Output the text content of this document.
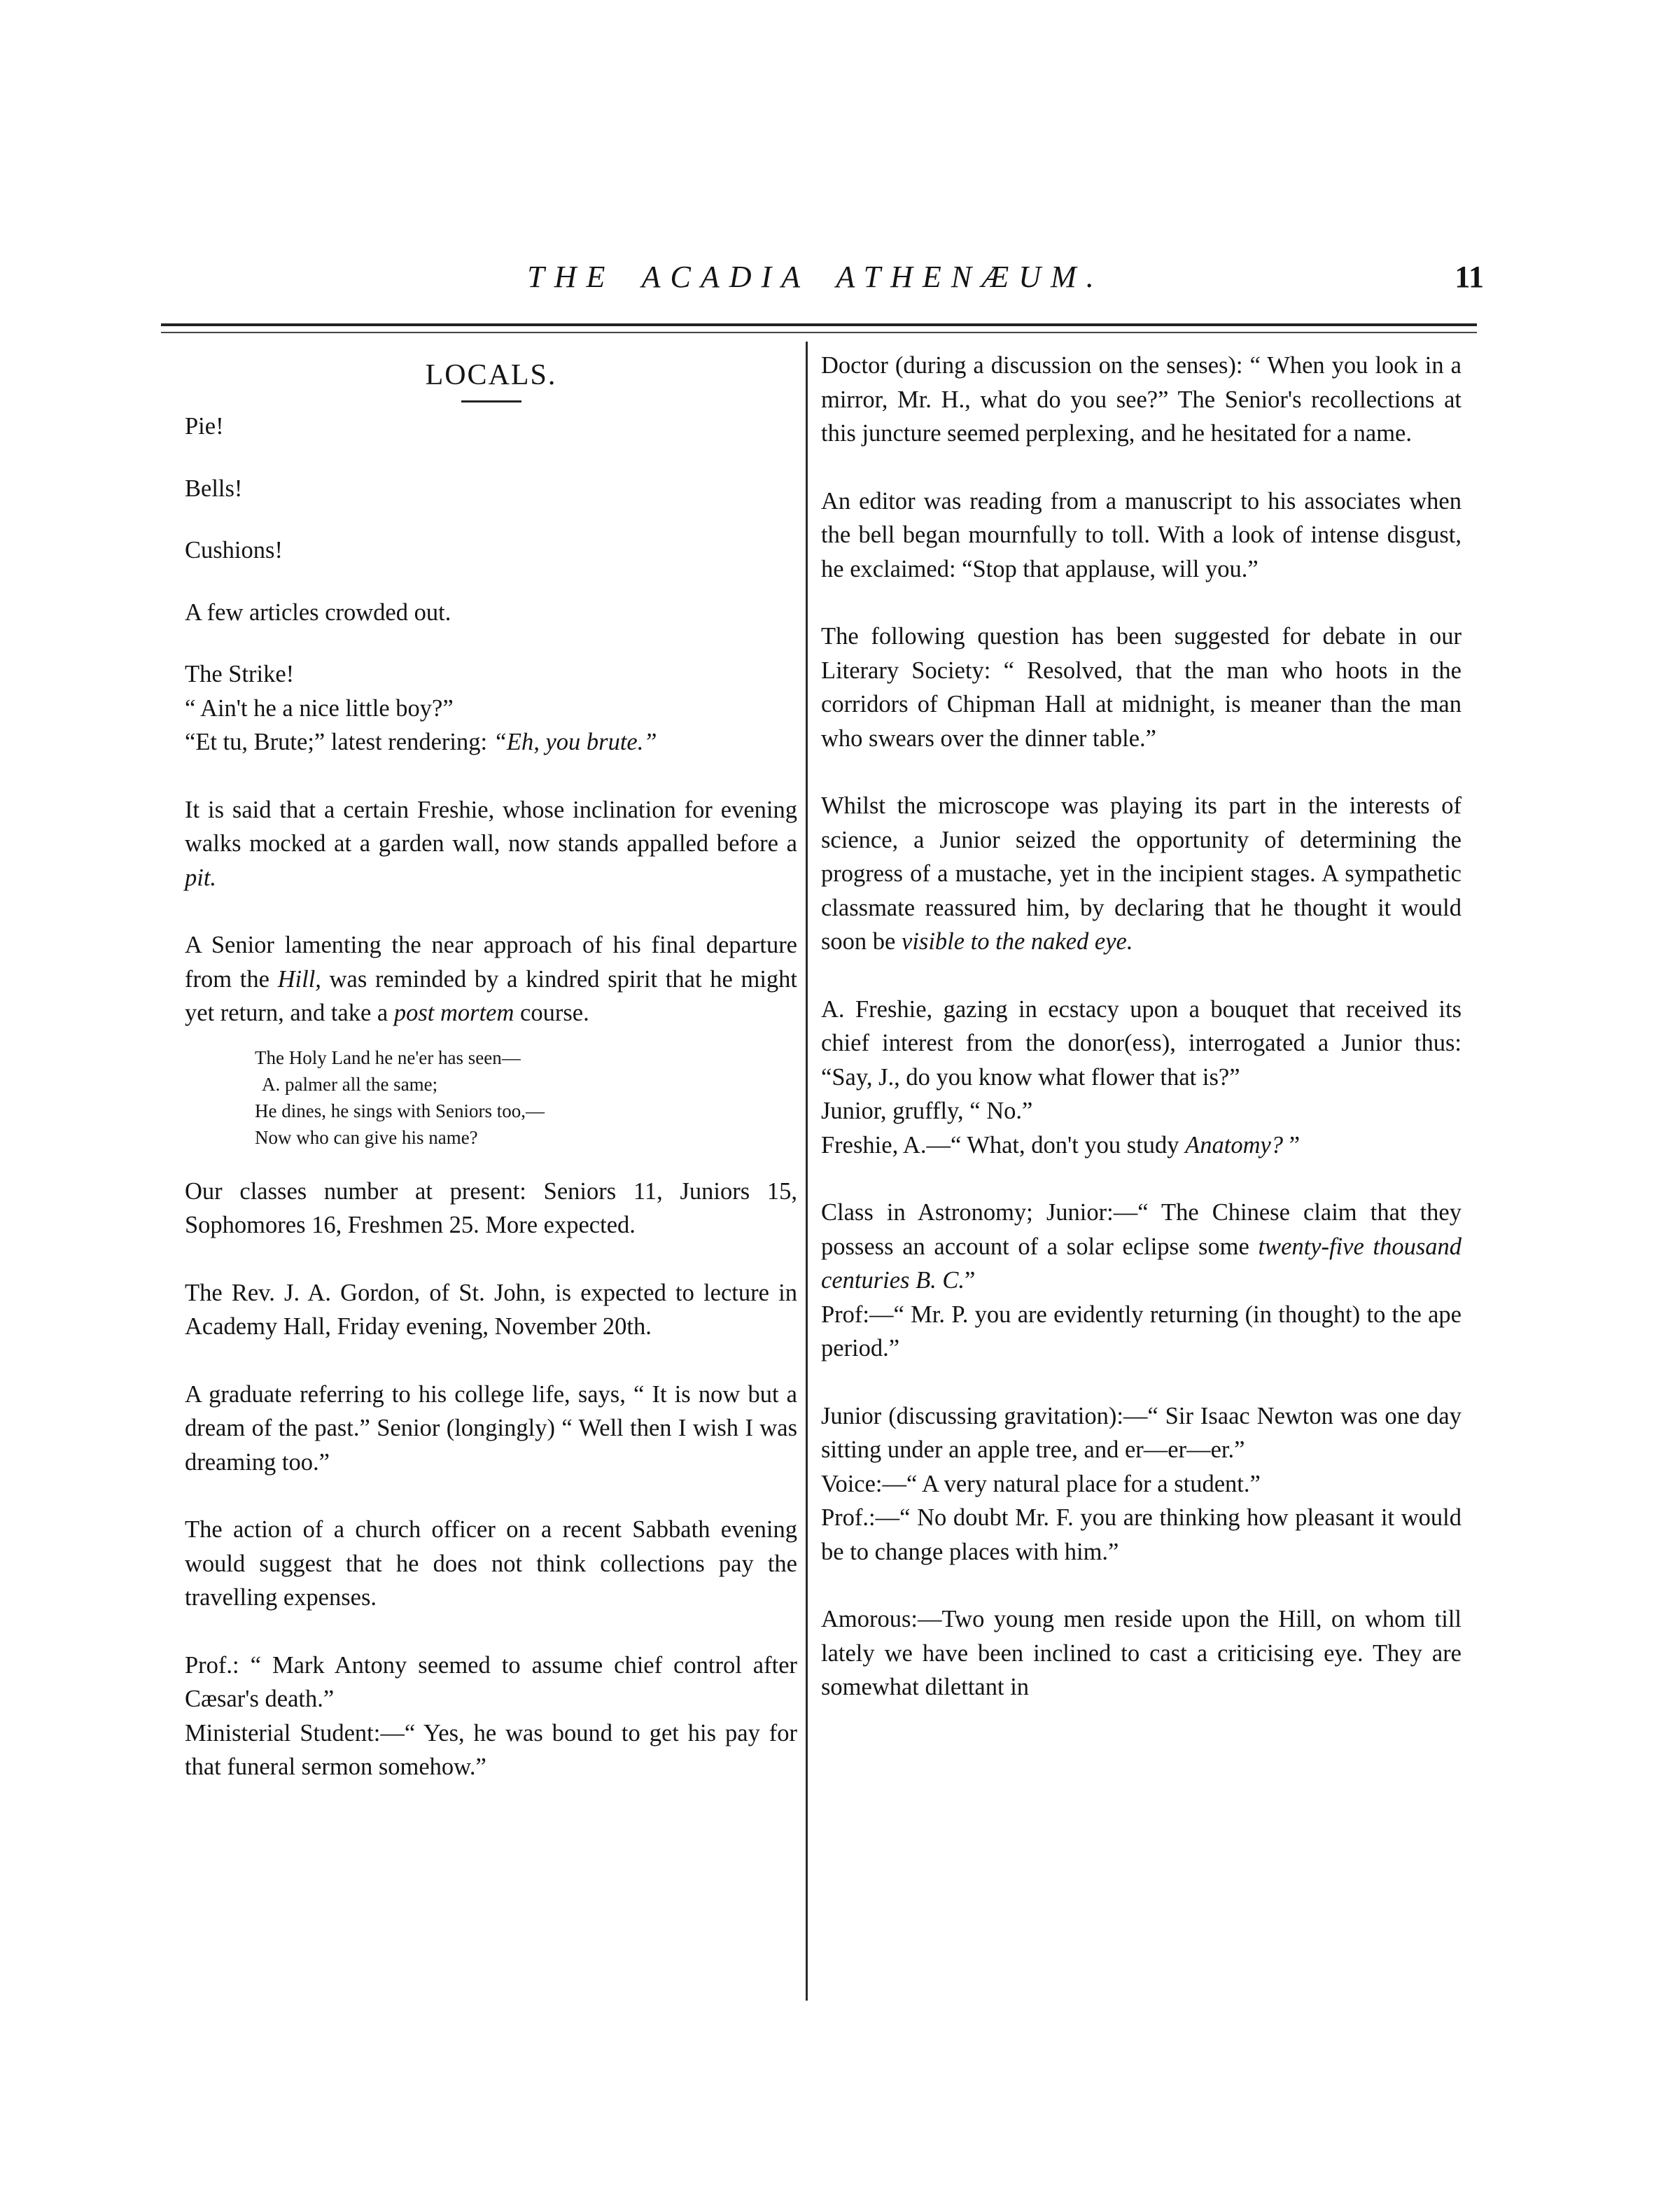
THE ACADIA ATHENÆUM.	11
LOCALS.

Pie!

Bells!

Cushions!

A few articles crowded out.

The Strike!

“ Ain't he a nice little boy?”

“Et tu, Brute;” latest rendering: “Eh, you brute.”

It is said that a certain Freshie, whose inclination for evening walks mocked at a garden wall, now stands appalled before a pit.

A Senior lamenting the near approach of his final departure from the Hill, was reminded by a kindred spirit that he might yet return, and take a post mortem course.

The Holy Land he ne'er has seen—
A. palmer all the same;
He dines, he sings with Seniors too,—
Now who can give his name?

Our classes number at present: Seniors 11, Juniors 15, Sophomores 16, Freshmen 25. More expected.

The Rev. J. A. Gordon, of St. John, is expected to lecture in Academy Hall, Friday evening, November 20th.

A graduate referring to his college life, says, “ It is now but a dream of the past.” Senior (longingly) “ Well then I wish I was dreaming too.”

The action of a church officer on a recent Sabbath evening would suggest that he does not think collections pay the travelling expenses.

Prof.: “ Mark Antony seemed to assume chief control after Cæsar's death.”

Ministerial Student:—“ Yes, he was bound to get his pay for that funeral sermon somehow.”

Doctor (during a discussion on the senses): “ When you look in a mirror, Mr. H., what do you see?” The Senior's recollections at this juncture seemed perplexing, and he hesitated for a name.

An editor was reading from a manuscript to his associates when the bell began mournfully to toll. With a look of intense disgust, he exclaimed: “Stop that applause, will you.”

The following question has been suggested for debate in our Literary Society: “ Resolved, that the man who hoots in the corridors of Chipman Hall at midnight, is meaner than the man who swears over the dinner table.”

Whilst the microscope was playing its part in the interests of science, a Junior seized the opportunity of determining the progress of a mustache, yet in the incipient stages. A sympathetic classmate reassured him, by declaring that he thought it would soon be visible to the naked eye.

A. Freshie, gazing in ecstacy upon a bouquet that received its chief interest from the donor(ess), interrogated a Junior thus: “Say, J., do you know what flower that is?”

Junior, gruffly, “ No.”

Freshie, A.—“ What, don't you study Anatomy? ”

Class in Astronomy; Junior:—“ The Chinese claim that they possess an account of a solar eclipse some twenty-five thousand centuries B. C.”

Prof:—“ Mr. P. you are evidently returning (in thought) to the ape period.”

Junior (discussing gravitation):—“ Sir Isaac Newton was one day sitting under an apple tree, and er—er—er.”

Voice:—“ A very natural place for a student.”

Prof.:—“ No doubt Mr. F. you are thinking how pleasant it would be to change places with him.”

Amorous:—Two young men reside upon the Hill, on whom till lately we have been inclined to cast a criticising eye. They are somewhat dilettant in
